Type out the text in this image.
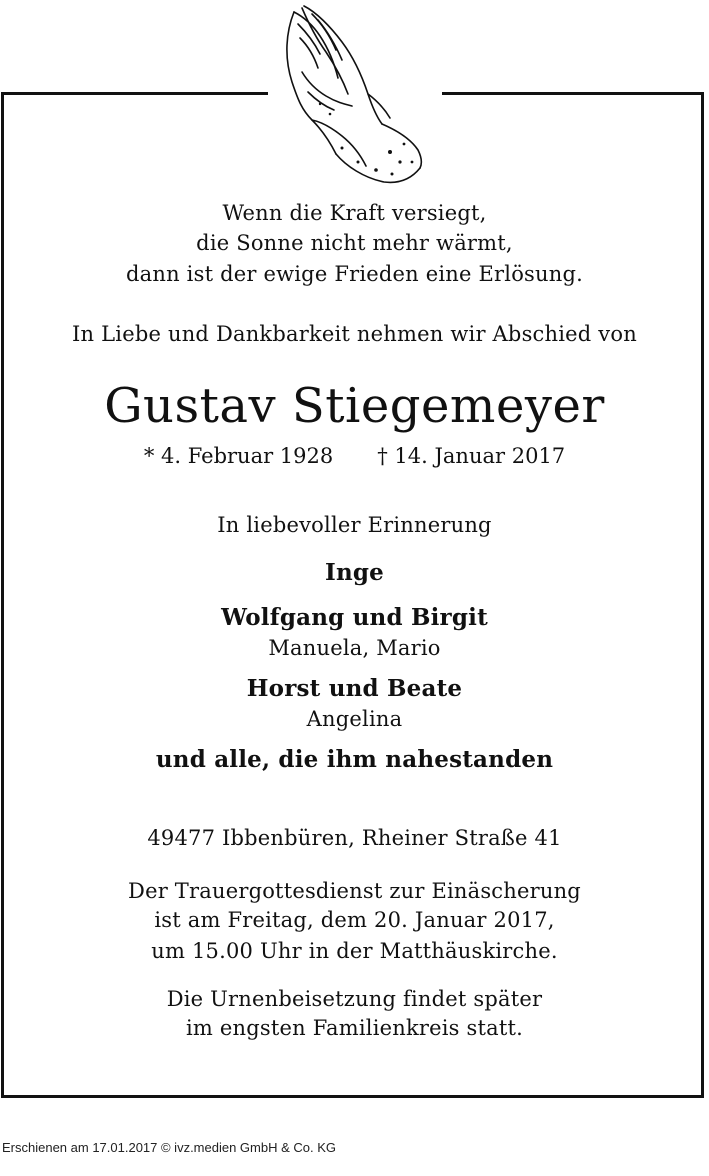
Wenn die Kraft versiegt,
die Sonne nicht mehr wärmt,
dann ist der ewige Frieden eine Erlösung.
In Liebe und Dankbarkeit nehmen wir Abschied von
Gustav Stiegemeyer
* 4. Februar 1928 † 14. Januar 2017
In liebevoller Erinnerung
Inge
Wolfgang und Birgit
Manuela, Mario
Horst und Beate
Angelina
und alle, die ihm nahestanden
49477 Ibbenbüren, Rheiner Straße 41
Der Trauergottesdienst zur Einäscherung
ist am Freitag, dem 20. Januar 2017,
um 15.00 Uhr in der Matthäuskirche.
Die Urnenbeisetzung findet später
im engsten Familienkreis statt.
Erschienen am 17.01.2017 © ivz.medien GmbH & Co. KG
